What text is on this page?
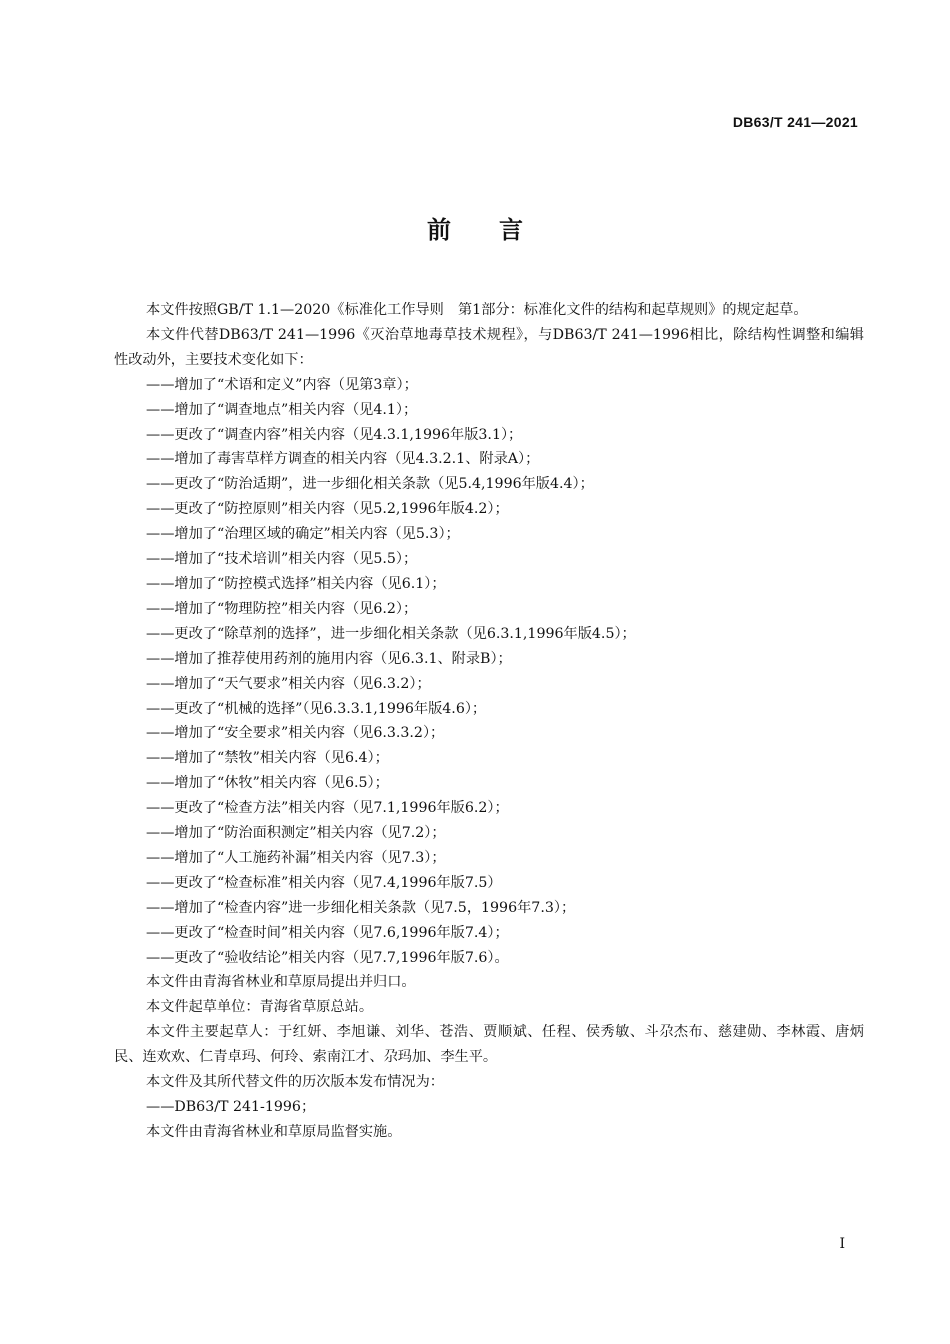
DB63/T 241—2021
前言

本文件按照GB/T 1.1—2020《标准化工作导则　第1部分：标准化文件的结构和起草规则》的规定起草。

本文件代替DB63/T 241—1996《灭治草地毒草技术规程》，与DB63/T 241—1996相比，除结构性调整和编辑性改动外，主要技术变化如下：

——增加了“术语和定义”内容（见第3章）；
——增加了“调查地点”相关内容（见4.1）；
——更改了“调查内容”相关内容（见4.3.1,1996年版3.1）；
——增加了毒害草样方调查的相关内容（见4.3.2.1、附录A）；
——更改了“防治适期”，进一步细化相关条款（见5.4,1996年版4.4）；
——更改了“防控原则”相关内容（见5.2,1996年版4.2）；
——增加了“治理区域的确定”相关内容（见5.3）；
——增加了“技术培训”相关内容（见5.5）；
——增加了“防控模式选择”相关内容（见6.1）；
——增加了“物理防控”相关内容（见6.2）；
——更改了“除草剂的选择”，进一步细化相关条款（见6.3.1,1996年版4.5）；
——增加了推荐使用药剂的施用内容（见6.3.1、附录B）；
——增加了“天气要求”相关内容（见6.3.2）；
——更改了“机械的选择”（见6.3.3.1,1996年版4.6）；
——增加了“安全要求”相关内容（见6.3.3.2）；
——增加了“禁牧”相关内容（见6.4）；
——增加了“休牧”相关内容（见6.5）；
——更改了“检查方法”相关内容（见7.1,1996年版6.2）；
——增加了“防治面积测定”相关内容（见7.2）；
——增加了“人工施药补漏”相关内容（见7.3）；
——更改了“检查标准”相关内容（见7.4,1996年版7.5）
——增加了“检查内容”进一步细化相关条款（见7.5，1996年7.3）；
——更改了“检查时间”相关内容（见7.6,1996年版7.4）；
——更改了“验收结论”相关内容（见7.7,1996年版7.6）。

本文件由青海省林业和草原局提出并归口。

本文件起草单位：青海省草原总站。

本文件主要起草人：于红妍、李旭谦、刘华、苍浩、贾顺斌、任程、侯秀敏、斗尕杰布、慈建勋、李林霞、唐炳民、连欢欢、仁青卓玛、何玲、索南江才、尕玛加、李生平。

本文件及其所代替文件的历次版本发布情况为：

——DB63/T 241-1996；

本文件由青海省林业和草原局监督实施。

I
